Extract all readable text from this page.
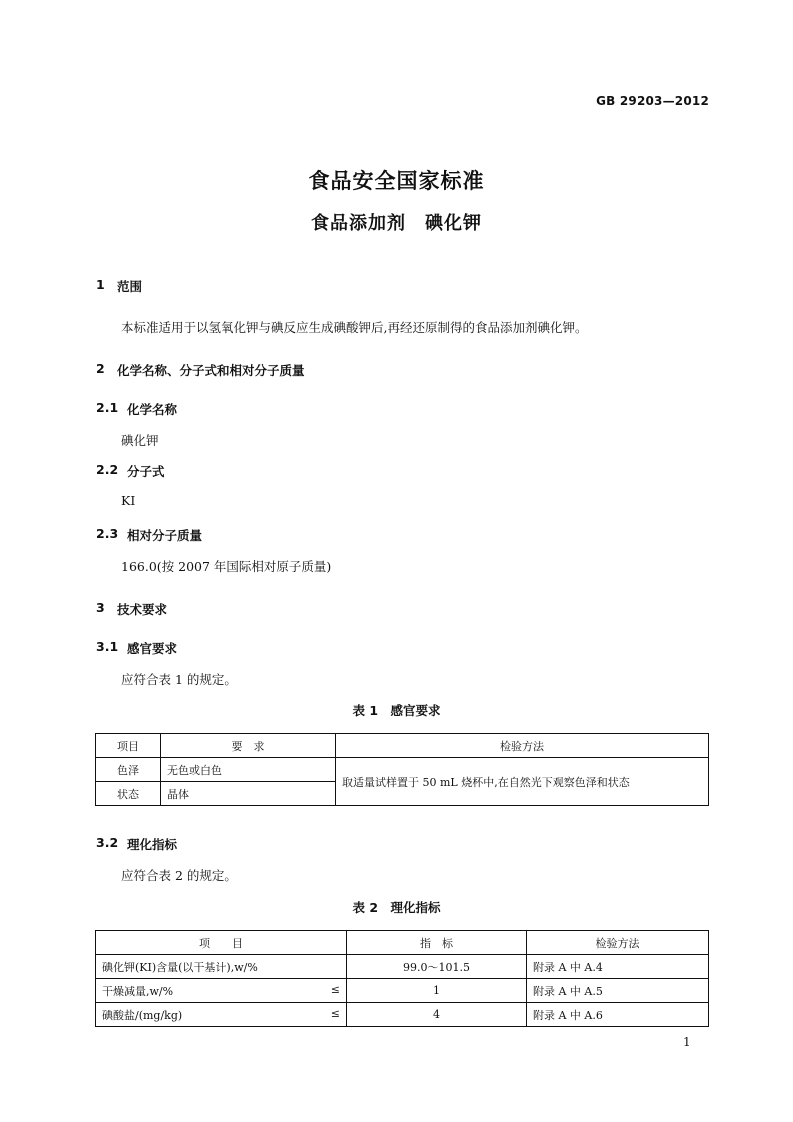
GB 29203—2012
食品安全国家标准
食品添加剂　碘化钾
1 范围
本标准适用于以氢氧化钾与碘反应生成碘酸钾后,再经还原制得的食品添加剂碘化钾。
2 化学名称、分子式和相对分子质量
2.1 化学名称
碘化钾
2.2 分子式
KI
2.3 相对分子质量
166.0(按 2007 年国际相对原子质量)
3 技术要求
3.1 感官要求
应符合表 1 的规定。
表 1　感官要求
项目	要　求	检验方法
色泽	无色或白色	取适量试样置于 50 mL 烧杯中,在自然光下观察色泽和状态
状态	晶体	
3.2 理化指标
应符合表 2 的规定。
表 2　理化指标
项　　目	指　标	检验方法
碘化钾(KI)含量(以干基计),w/%	99.0～101.5	附录 A 中 A.4
干燥减量,w/% ≤	1	附录 A 中 A.5
碘酸盐/(mg/kg) ≤	4	附录 A 中 A.6
1
